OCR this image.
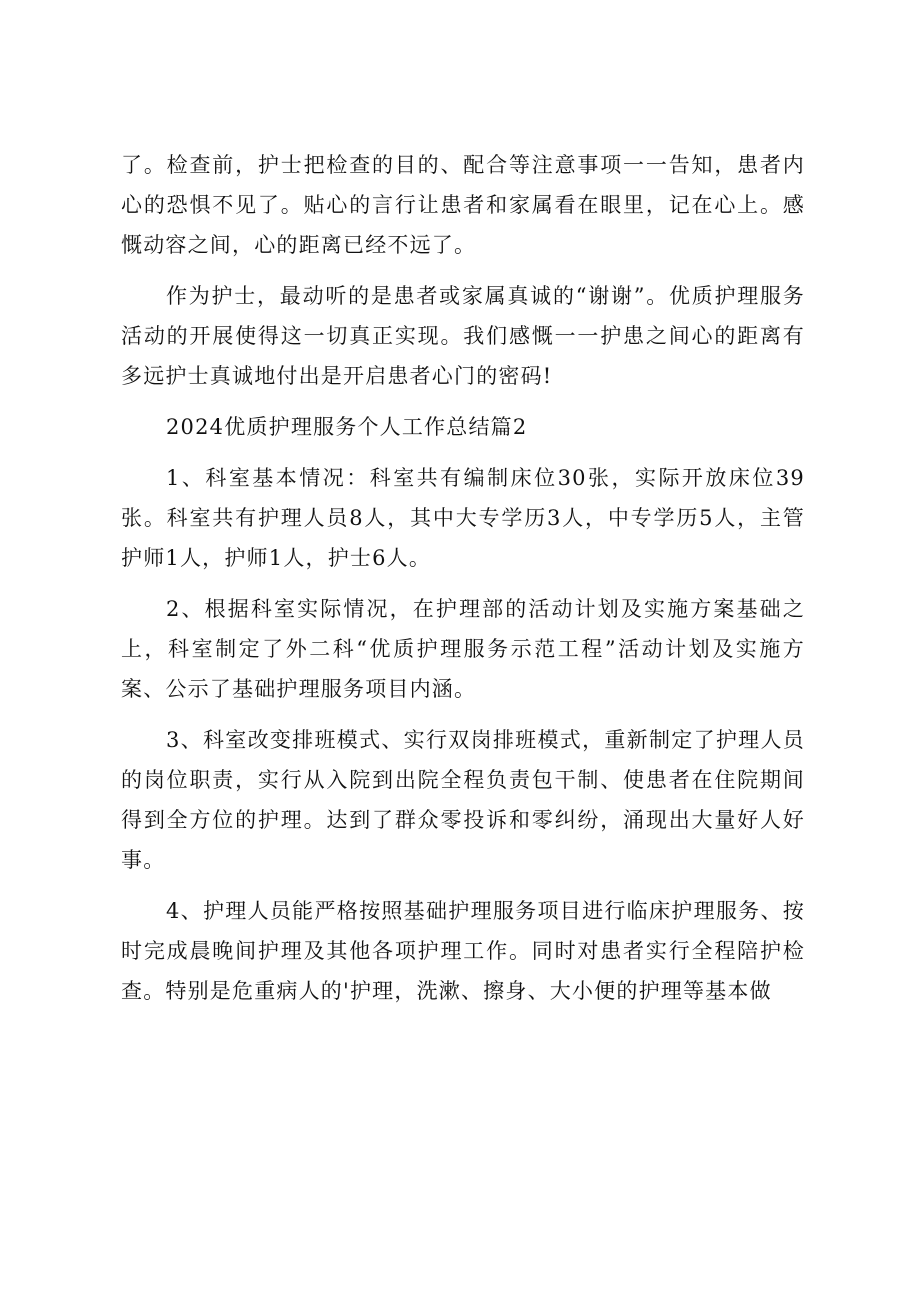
了。检查前，护士把检查的目的、配合等注意事项一一告知，患者内心的恐惧不见了。贴心的言行让患者和家属看在眼里，记在心上。感慨动容之间，心的距离已经不远了。

作为护士，最动听的是患者或家属真诚的“谢谢”。优质护理服务活动的开展使得这一切真正实现。我们感慨一一护患之间心的距离有多远护士真诚地付出是开启患者心门的密码!

2024优质护理服务个人工作总结篇2

1、科室基本情况：科室共有编制床位30张，实际开放床位39张。科室共有护理人员8人，其中大专学历3人，中专学历5人，主管护师1人，护师1人，护士6人。

2、根据科室实际情况，在护理部的活动计划及实施方案基础之上，科室制定了外二科“优质护理服务示范工程”活动计划及实施方案、公示了基础护理服务项目内涵。

3、科室改变排班模式、实行双岗排班模式，重新制定了护理人员的岗位职责，实行从入院到出院全程负责包干制、使患者在住院期间得到全方位的护理。达到了群众零投诉和零纠纷，涌现出大量好人好事。

4、护理人员能严格按照基础护理服务项目进行临床护理服务、按时完成晨晚间护理及其他各项护理工作。同时对患者实行全程陪护检查。特别是危重病人的'护理，洗漱、擦身、大小便的护理等基本做
